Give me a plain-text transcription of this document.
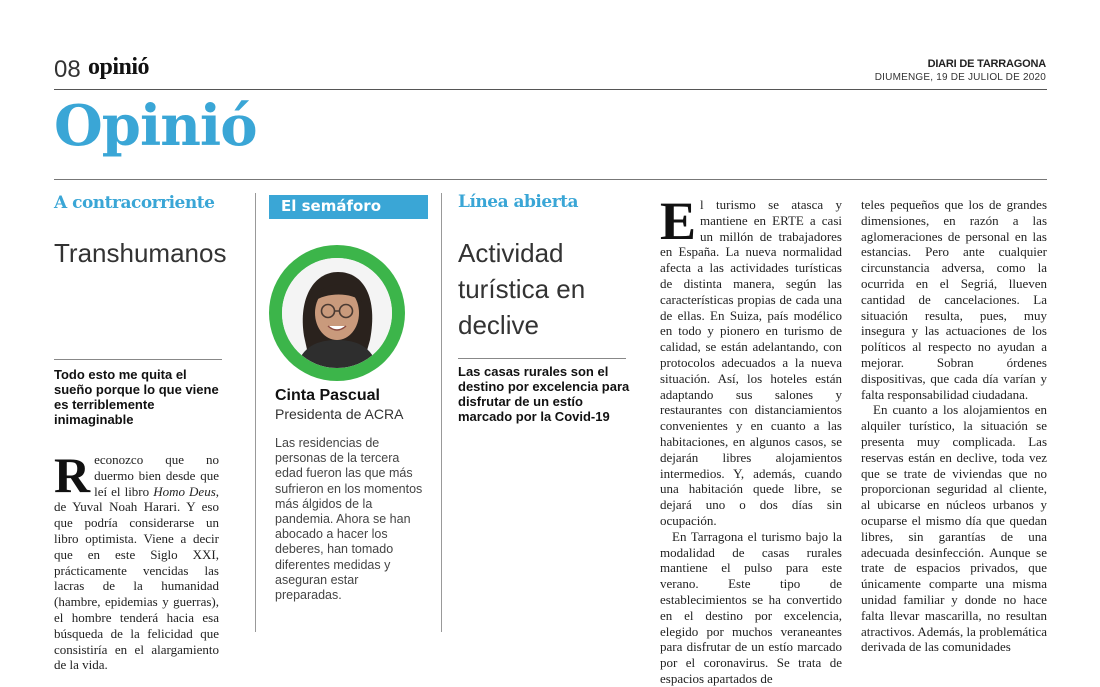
08 opinió	DIARI DE TARRAGONA
DIUMENGE, 19 DE JULIOL DE 2020
Opinió
A contracorriente
Transhumanos
Todo esto me quita el sueño porque lo que viene es terriblemente inimaginable

Reconozco que no duermo bien desde que leí el libro Homo Deus, de Yuval Noah Harari. Y eso que podría considerarse un libro optimista. Viene a decir que en este Siglo XXI, prácticamente vencidas las lacras de la humanidad (hambre, epidemias y guerras), el hombre tenderá hacia esa búsqueda de la felicidad que consistiría en el alargamiento de la vida.

El semáforo
Cinta Pascual
Presidenta de ACRA
Las residencias de personas de la tercera edad fueron las que más sufrieron en los momentos más álgidos de la pandemia. Ahora se han abocado a hacer los deberes, han tomado diferentes medidas y aseguran estar preparadas.
Línea abierta
Actividad turística en declive
Las casas rurales son el destino por excelencia para disfrutar de un estío marcado por la Covid-19

El turismo se atasca y mantiene en ERTE a casi un millón de trabajadores en España. La nueva normalidad afecta a las actividades turísticas de distinta manera, según las características propias de cada una de ellas. En Suiza, país modélico en todo y pionero en turismo de calidad, se están adelantando, con protocolos adecuados a la nueva situación. Así, los hoteles están adaptando sus salones y restaurantes con distanciamientos convenientes y en cuanto a las habitaciones, en algunos casos, se dejarán libres alojamientos intermedios. Y, además, cuando una habitación quede libre, se dejará uno o dos días sin ocupación.

En Tarragona el turismo bajo la modalidad de casas rurales mantiene el pulso para este verano. Este tipo de establecimientos se ha convertido en el destino por excelencia, elegido por muchos veraneantes para disfrutar de un estío marcado por el coronavirus. Se trata de espacios apartados de

teles pequeños que los de grandes dimensiones, en razón a las aglomeraciones de personal en las estancias. Pero ante cualquier circunstancia adversa, como la ocurrida en el Segriá, llueven cantidad de cancelaciones. La situación resulta, pues, muy insegura y las actuaciones de los políticos al respecto no ayudan a mejorar. Sobran órdenes dispositivas, que cada día varían y falta responsabilidad ciudadana.

En cuanto a los alojamientos en alquiler turístico, la situación se presenta muy complicada. Las reservas están en declive, toda vez que se trate de viviendas que no proporcionan seguridad al cliente, al ubicarse en núcleos urbanos y ocuparse el mismo día que quedan libres, sin garantías de una adecuada desinfección. Aunque se trate de espacios privados, que únicamente comparte una misma unidad familiar y donde no hace falta llevar mascarilla, no resultan atractivos. Además, la problemática derivada de las comunidades
